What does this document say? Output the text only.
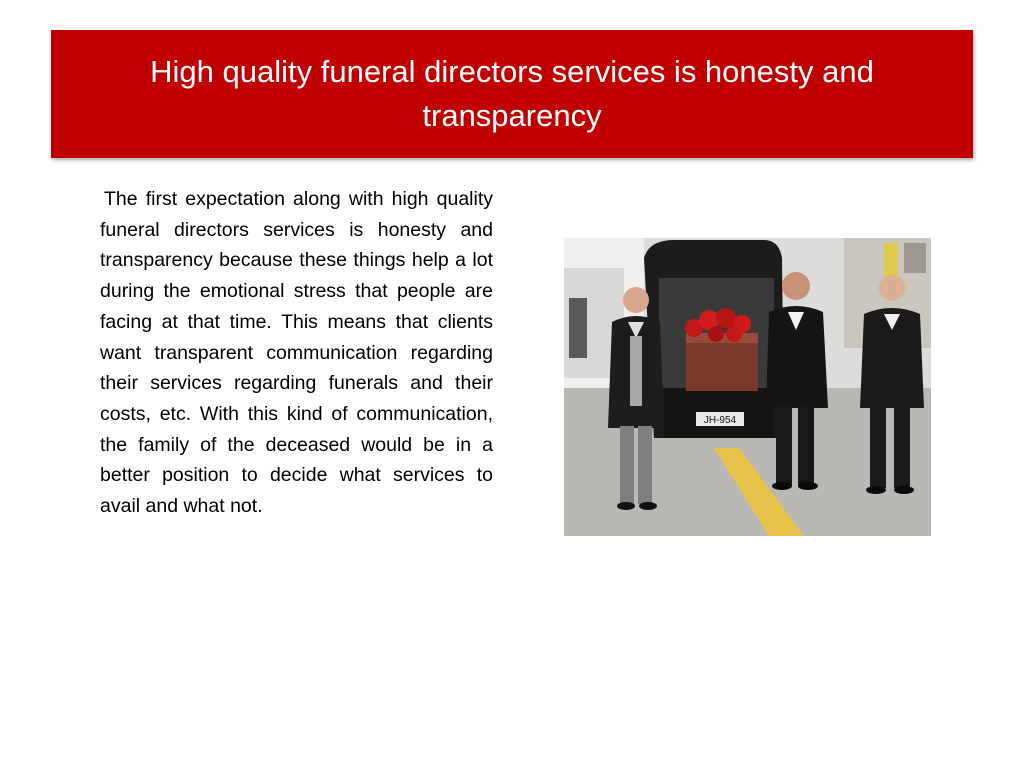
High quality funeral directors services is honesty and transparency

The first expectation along with high quality funeral directors services is honesty and transparency because these things help a lot during the emotional stress that people are facing at that time. This means that clients want transparent communication regarding their services regarding funerals and their costs, etc. With this kind of communication, the family of the deceased would be in a better position to decide what services to avail and what not.

JH-954
